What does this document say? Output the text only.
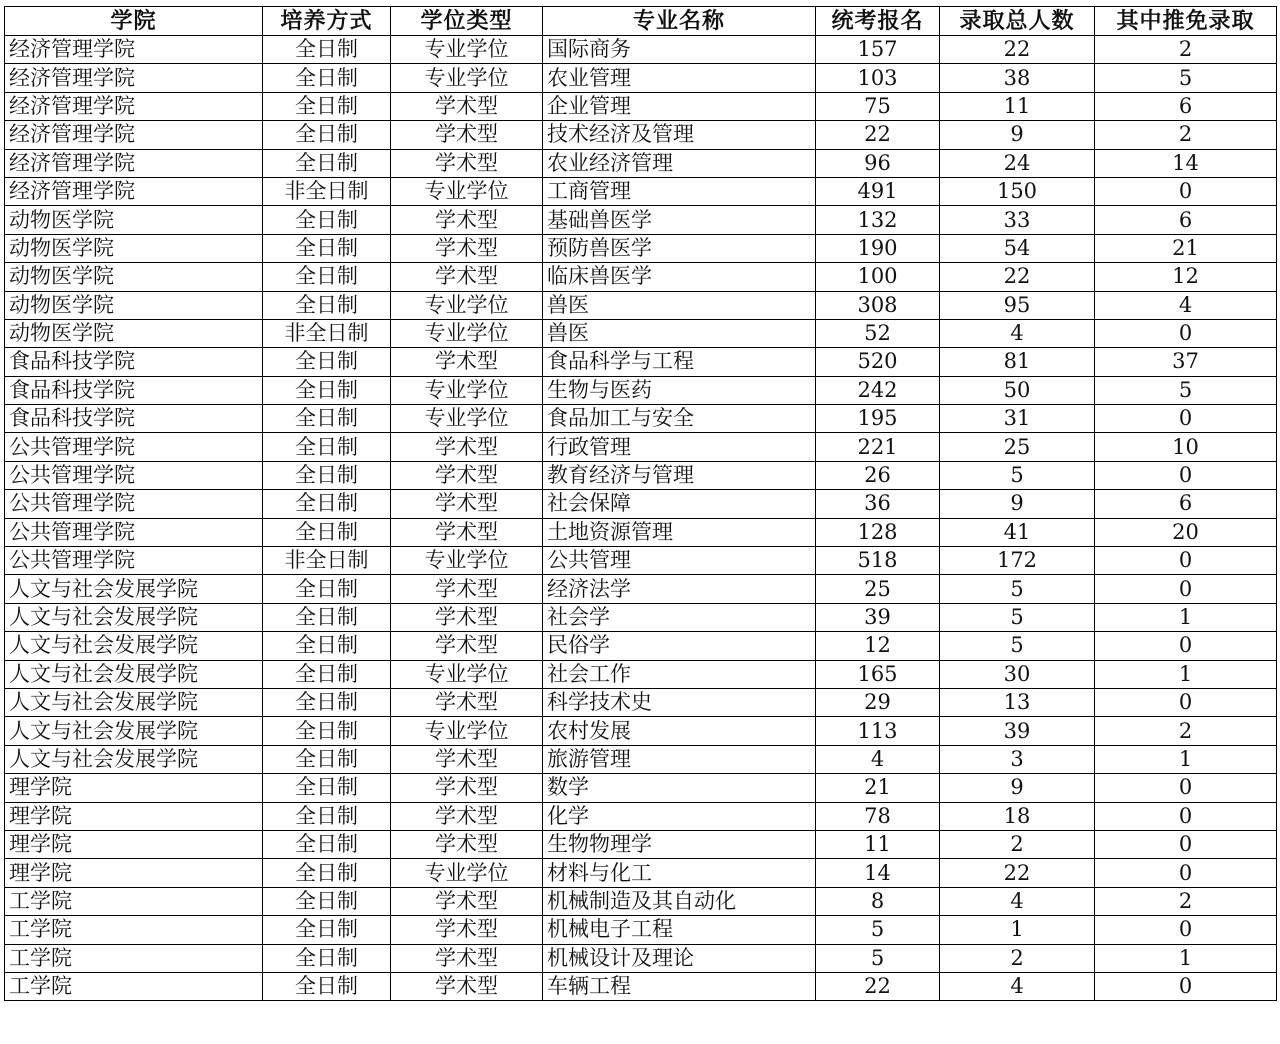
学院	培养方式	学位类型	专业名称	统考报名	录取总人数	其中推免录取
经济管理学院	全日制	专业学位	国际商务	157	22	2
经济管理学院	全日制	专业学位	农业管理	103	38	5
经济管理学院	全日制	学术型	企业管理	75	11	6
经济管理学院	全日制	学术型	技术经济及管理	22	9	2
经济管理学院	全日制	学术型	农业经济管理	96	24	14
经济管理学院	非全日制	专业学位	工商管理	491	150	0
动物医学院	全日制	学术型	基础兽医学	132	33	6
动物医学院	全日制	学术型	预防兽医学	190	54	21
动物医学院	全日制	学术型	临床兽医学	100	22	12
动物医学院	全日制	专业学位	兽医	308	95	4
动物医学院	非全日制	专业学位	兽医	52	4	0
食品科技学院	全日制	学术型	食品科学与工程	520	81	37
食品科技学院	全日制	专业学位	生物与医药	242	50	5
食品科技学院	全日制	专业学位	食品加工与安全	195	31	0
公共管理学院	全日制	学术型	行政管理	221	25	10
公共管理学院	全日制	学术型	教育经济与管理	26	5	0
公共管理学院	全日制	学术型	社会保障	36	9	6
公共管理学院	全日制	学术型	土地资源管理	128	41	20
公共管理学院	非全日制	专业学位	公共管理	518	172	0
人文与社会发展学院	全日制	学术型	经济法学	25	5	0
人文与社会发展学院	全日制	学术型	社会学	39	5	1
人文与社会发展学院	全日制	学术型	民俗学	12	5	0
人文与社会发展学院	全日制	专业学位	社会工作	165	30	1
人文与社会发展学院	全日制	学术型	科学技术史	29	13	0
人文与社会发展学院	全日制	专业学位	农村发展	113	39	2
人文与社会发展学院	全日制	学术型	旅游管理	4	3	1
理学院	全日制	学术型	数学	21	9	0
理学院	全日制	学术型	化学	78	18	0
理学院	全日制	学术型	生物物理学	11	2	0
理学院	全日制	专业学位	材料与化工	14	22	0
工学院	全日制	学术型	机械制造及其自动化	8	4	2
工学院	全日制	学术型	机械电子工程	5	1	0
工学院	全日制	学术型	机械设计及理论	5	2	1
工学院	全日制	学术型	车辆工程	22	4	0
